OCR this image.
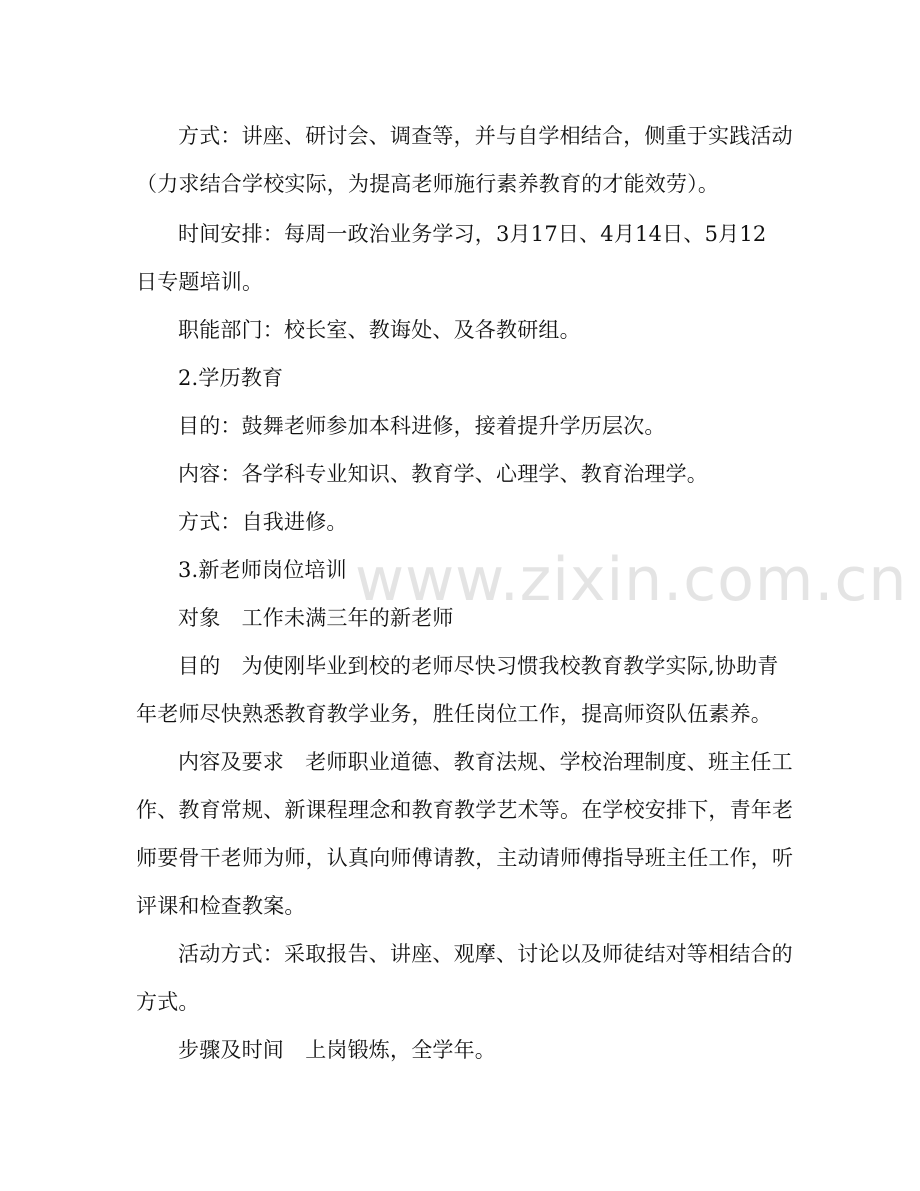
www.zixin.com.cn
方式：讲座、研讨会、调查等，并与自学相结合，侧重于实践活动
（力求结合学校实际，为提高老师施行素养教育的才能效劳）。
时间安排：每周一政治业务学习，3月17日、4月14日、5月12
日专题培训。
职能部门：校长室、教诲处、及各教研组。
2.学历教育
目的：鼓舞老师参加本科进修，接着提升学历层次。
内容：各学科专业知识、教育学、心理学、教育治理学。
方式：自我进修。
3.新老师岗位培训
对象　工作未满三年的新老师
目的　为使刚毕业到校的老师尽快习惯我校教育教学实际,协助青
年老师尽快熟悉教育教学业务，胜任岗位工作，提高师资队伍素养。
内容及要求　老师职业道德、教育法规、学校治理制度、班主任工
作、教育常规、新课程理念和教育教学艺术等。在学校安排下，青年老
师要骨干老师为师，认真向师傅请教，主动请师傅指导班主任工作，听
评课和检查教案。
活动方式：采取报告、讲座、观摩、讨论以及师徒结对等相结合的
方式。
步骤及时间　上岗锻炼，全学年。
